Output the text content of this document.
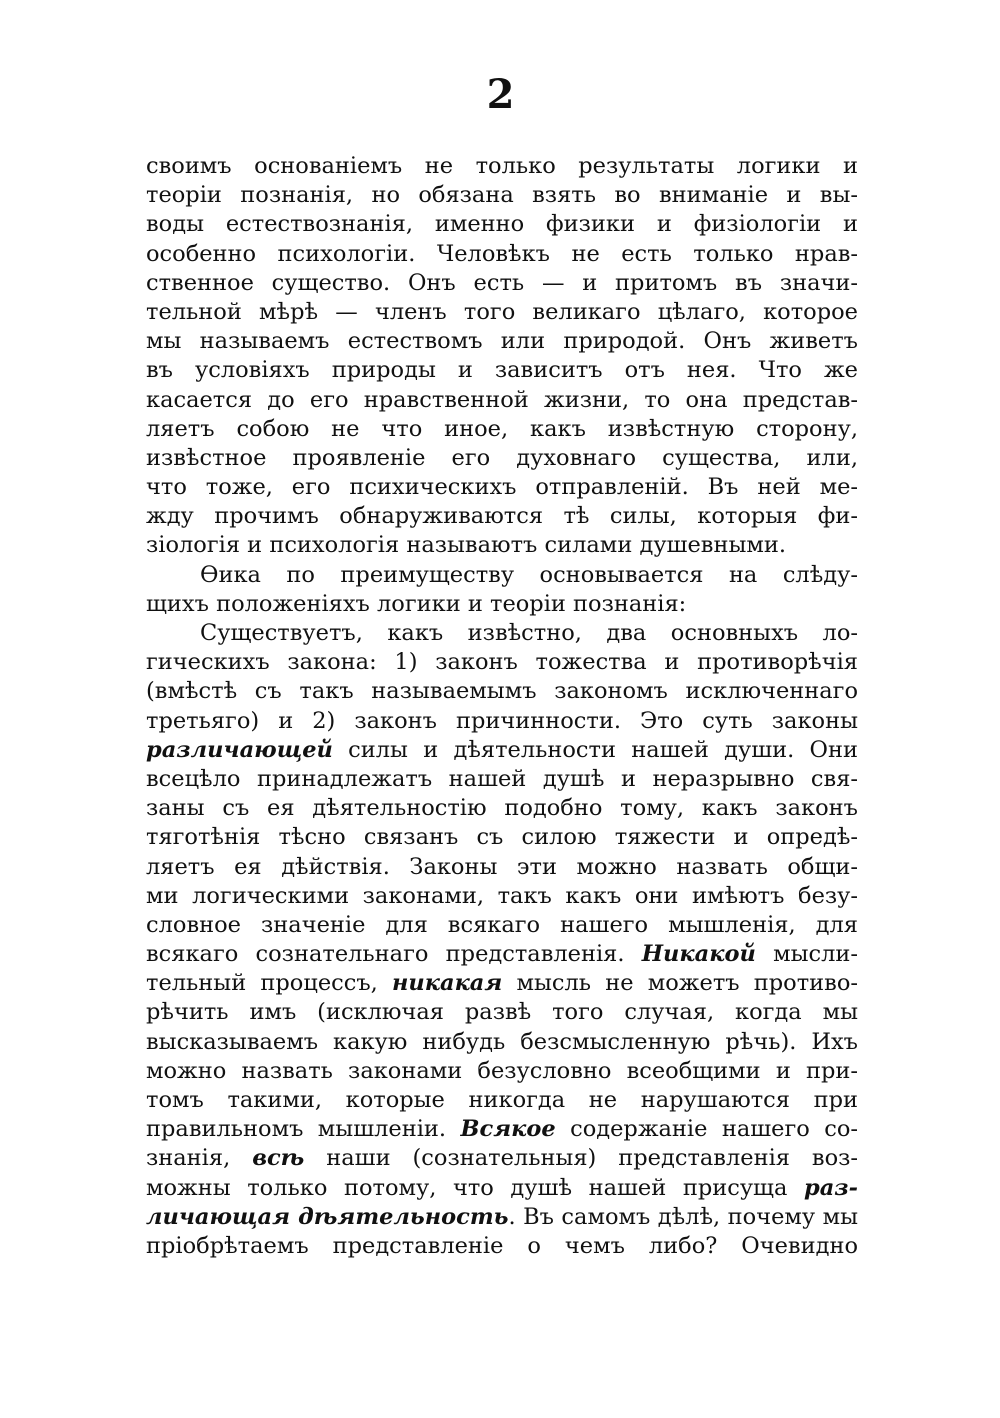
2
своимъ основаніемъ не только результаты логики и
теоріи познанія, но обязана взять во вниманіе и вы-
воды естествознанія, именно физики и физіологіи и
особенно психологіи. Человѣкъ не есть только нрав-
ственное существо. Онъ есть — и притомъ въ значи-
тельной мѣрѣ — членъ того великаго цѣлаго, которое
мы называемъ естествомъ или природой. Онъ живетъ
въ условіяхъ природы и зависитъ отъ нея. Что же
касается до его нравственной жизни, то она представ-
ляетъ собою не что иное, какъ извѣстную сторону,
извѣстное проявленіе его духовнаго существа, или,
что тоже, его психическихъ отправленій. Въ ней ме-
жду прочимъ обнаруживаются тѣ силы, которыя фи-
зіологія и психологія называютъ силами душевными.
Ѳика по преимуществу основывается на слѣду-
щихъ положеніяхъ логики и теоріи познанія:
Существуетъ, какъ извѣстно, два основныхъ ло-
гическихъ закона: 1) законъ тожества и противорѣчія
(вмѣстѣ съ такъ называемымъ закономъ исключеннаго
третьяго) и 2) законъ причинности. Это суть законы
различающей силы и дѣятельности нашей души. Они
всецѣло принадлежатъ нашей душѣ и неразрывно свя-
заны съ ея дѣятельностію подобно тому, какъ законъ
тяготѣнія тѣсно связанъ съ силою тяжести и опредѣ-
ляетъ ея дѣйствія. Законы эти можно назвать общи-
ми логическими законами, такъ какъ они имѣютъ безу-
словное значеніе для всякаго нашего мышленія, для
всякаго сознательнаго представленія. Никакой мысли-
тельный процессъ, никакая мысль не можетъ противо-
рѣчить имъ (исключая развѣ того случая, когда мы
высказываемъ какую нибудь безсмысленную рѣчь). Ихъ
можно назвать законами безусловно всеобщими и при-
томъ такими, которые никогда не нарушаются при
правильномъ мышленіи. Всякое содержаніе нашего со-
знанія, всѣ наши (сознательныя) представленія воз-
можны только потому, что душѣ нашей присуща раз-
личающая дѣятельность. Въ самомъ дѣлѣ, почему мы
пріобрѣтаемъ представленіе о чемъ либо? Очевидно
